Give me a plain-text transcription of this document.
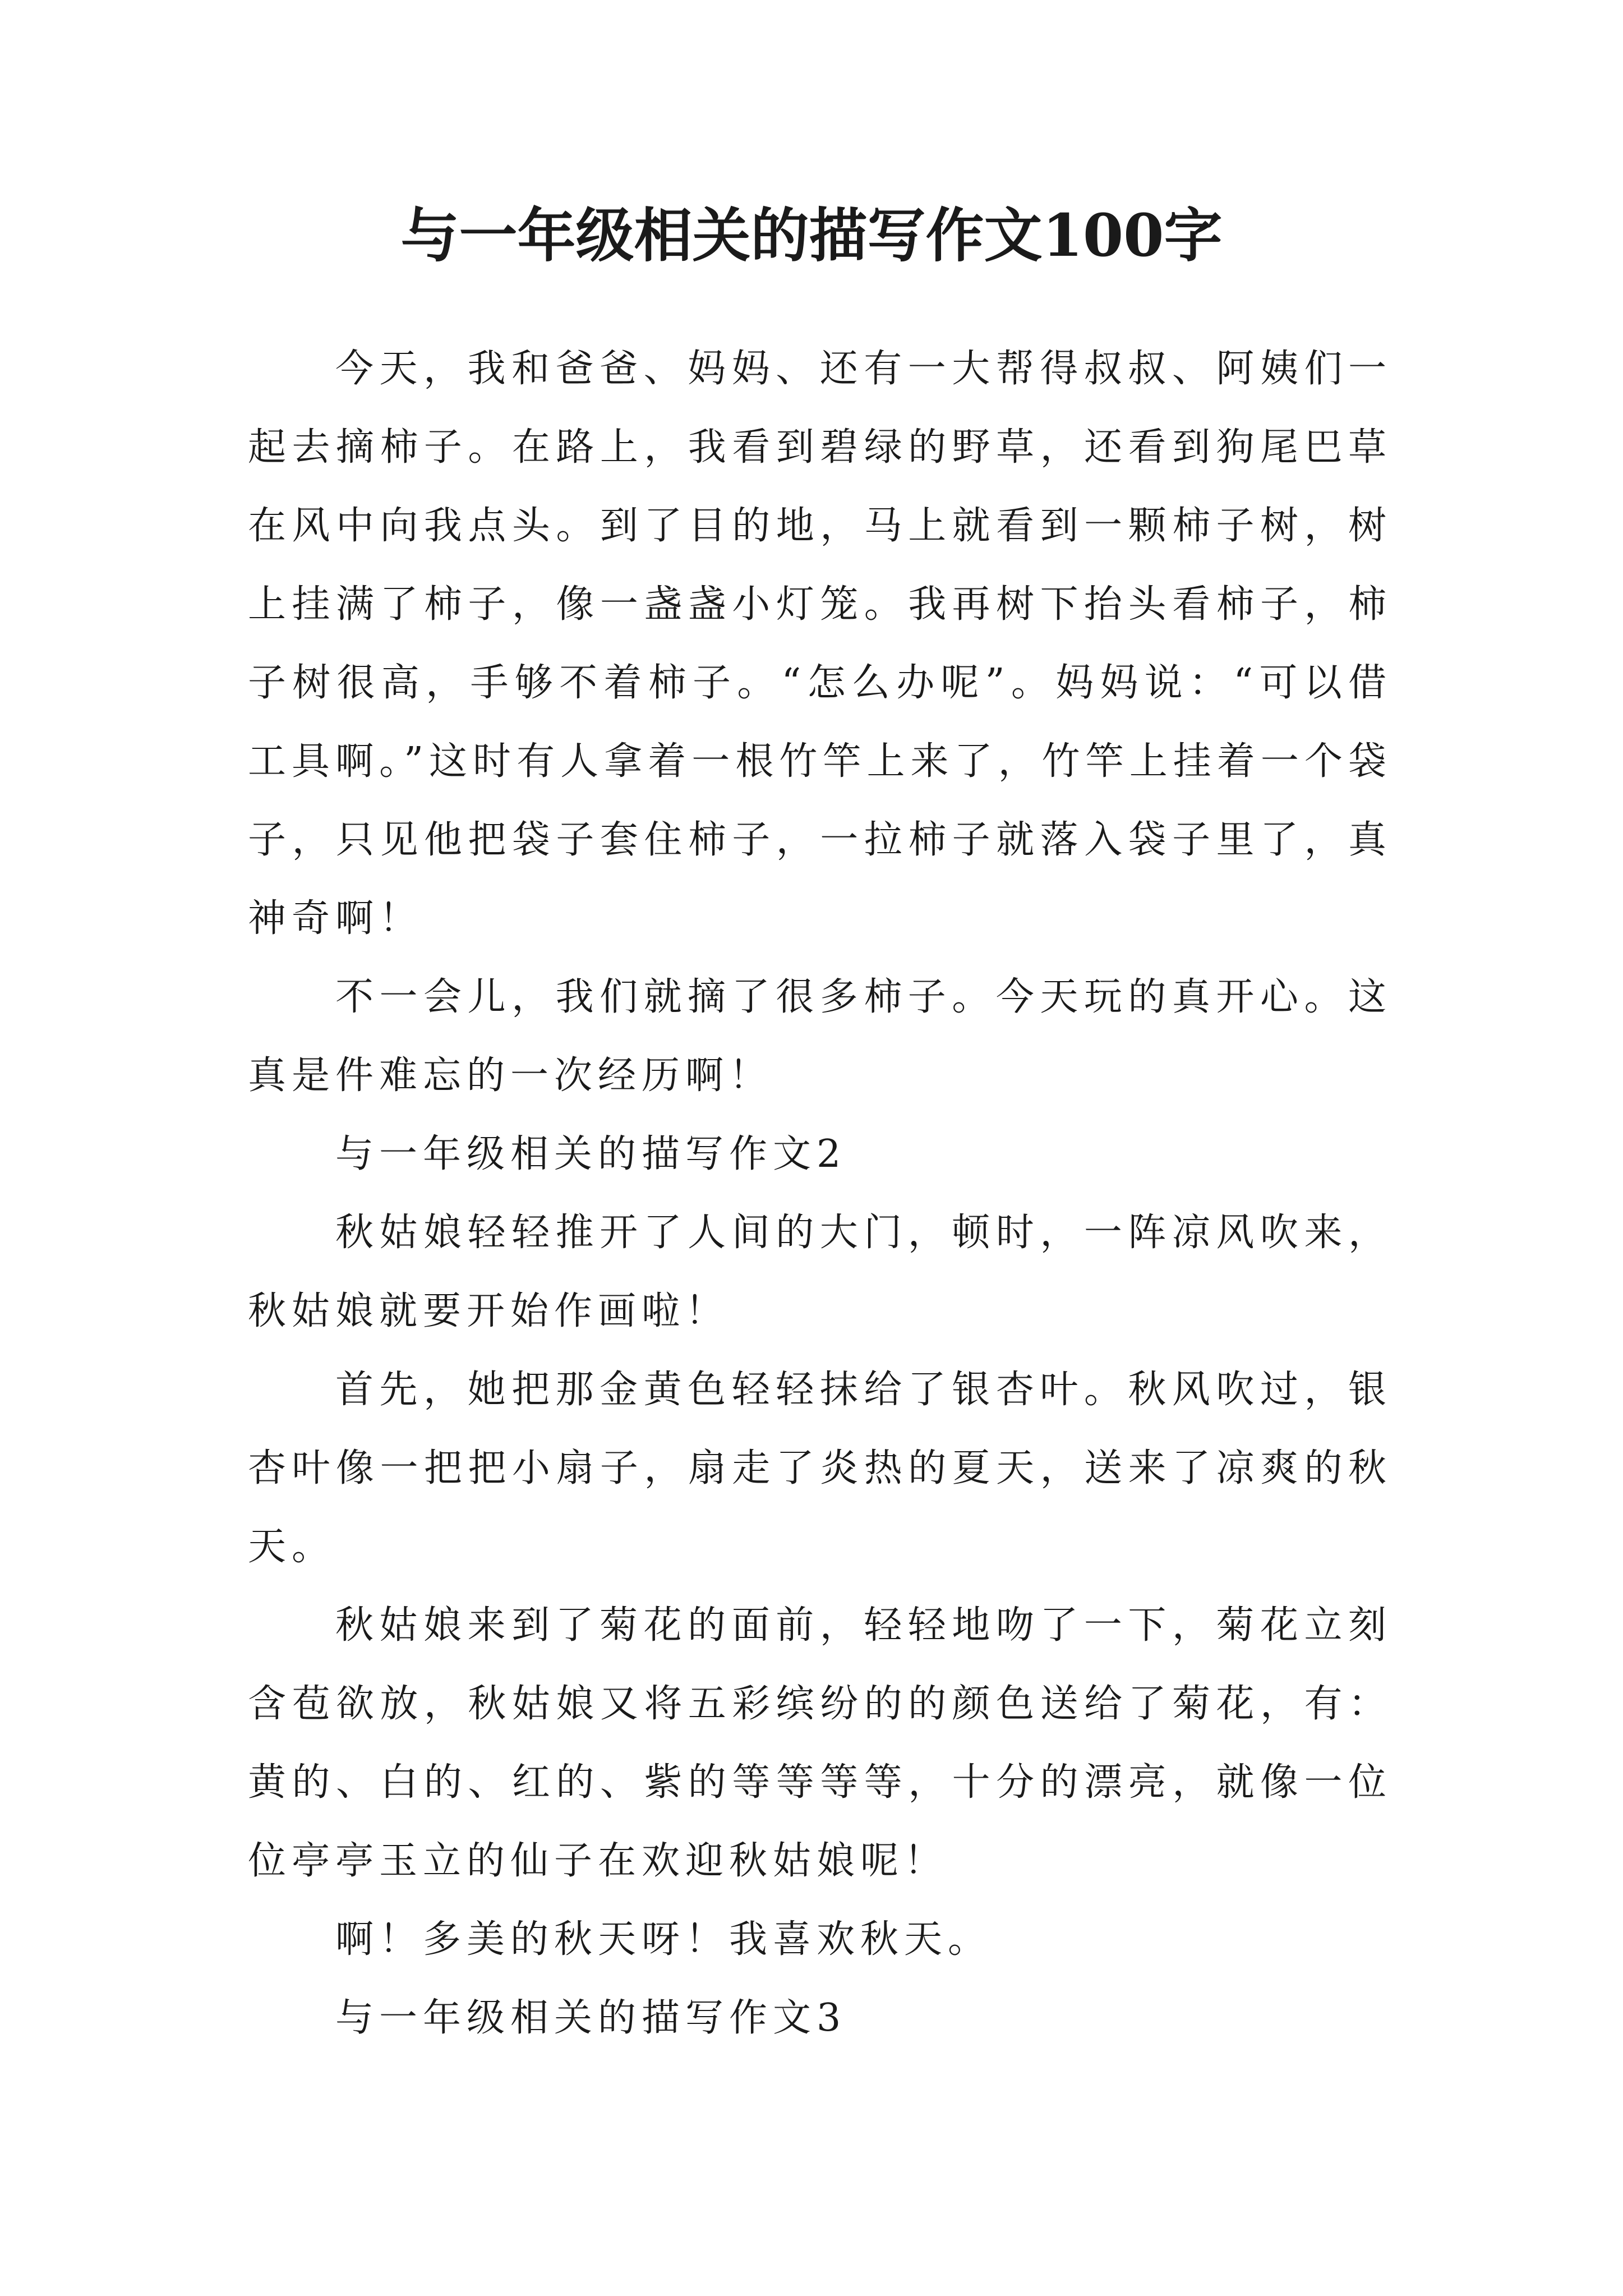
与一年级相关的描写作文100字

今天，我和爸爸、妈妈、还有一大帮得叔叔、阿姨们一起去摘柿子。在路上，我看到碧绿的野草，还看到狗尾巴草在风中向我点头。到了目的地，马上就看到一颗柿子树，树上挂满了柿子，像一盏盏小灯笼。我再树下抬头看柿子，柿子树很高，手够不着柿子。“怎么办呢”。妈妈说：“可以借工具啊。”这时有人拿着一根竹竿上来了，竹竿上挂着一个袋子，只见他把袋子套住柿子，一拉柿子就落入袋子里了，真神奇啊！

不一会儿，我们就摘了很多柿子。今天玩的真开心。这真是件难忘的一次经历啊！

与一年级相关的描写作文2

秋姑娘轻轻推开了人间的大门，顿时，一阵凉风吹来，秋姑娘就要开始作画啦！

首先，她把那金黄色轻轻抹给了银杏叶。秋风吹过，银杏叶像一把把小扇子，扇走了炎热的夏天，送来了凉爽的秋天。

秋姑娘来到了菊花的面前，轻轻地吻了一下，菊花立刻含苞欲放，秋姑娘又将五彩缤纷的的颜色送给了菊花，有：黄的、白的、红的、紫的等等等等，十分的漂亮，就像一位位亭亭玉立的仙子在欢迎秋姑娘呢！

啊！多美的秋天呀！我喜欢秋天。

与一年级相关的描写作文3
